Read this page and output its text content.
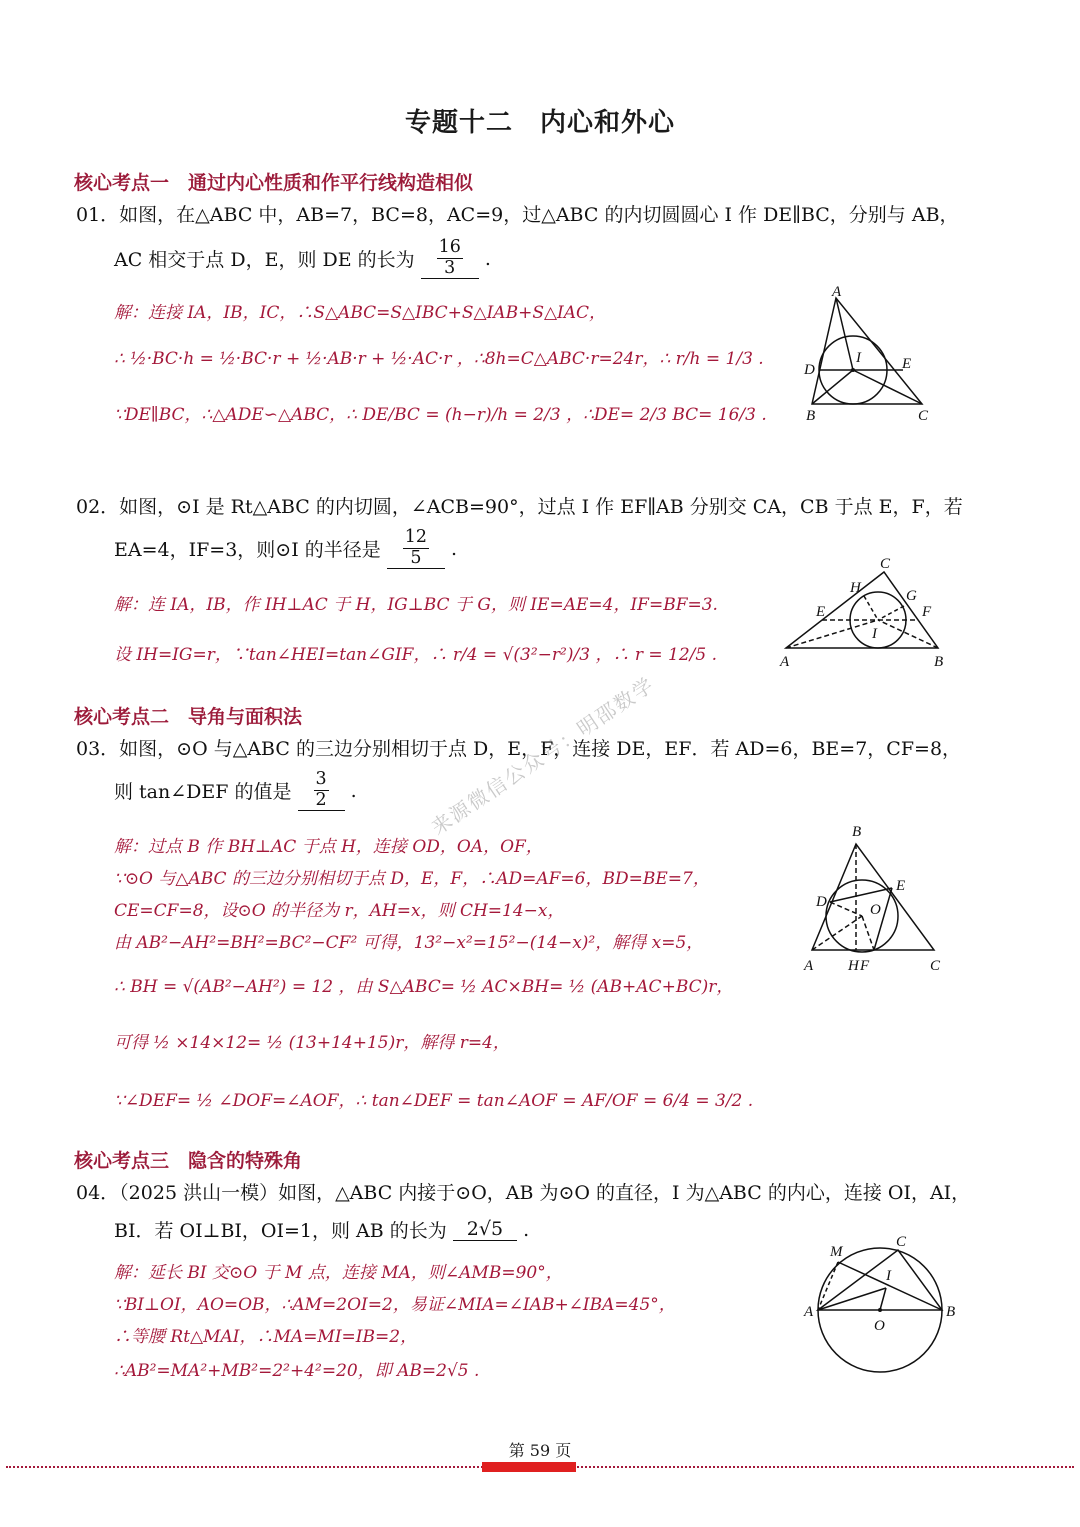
专题十二　内心和外心
来源微信公众号：明邵数学
核心考点一　通过内心性质和作平行线构造相似
01．如图，在△ABC 中，AB=7，BC=8，AC=9，过△ABC 的内切圆圆心 I 作 DE∥BC，分别与 AB，
AC 相交于点 D，E，则 DE 的长为 $\frac{16}{3}$ .
解：连接 IA，IB，IC，∴S△ABC=S△IBC+S△IAB+S△IAC，
∴ ½·BC·h = ½·BC·r + ½·AB·r + ½·AC·r ，∴8h=C△ABC·r=24r，∴ r/h = 1/3 .
∵DE∥BC，∴△ADE∽△ABC，∴ DE/BC = (h−r)/h = 2/3 ，∴DE= 2/3 BC= 16/3 .
A
B	C
D	E
I
02．如图，⊙I 是 Rt△ABC 的内切圆，∠ACB=90°，过点 I 作 EF∥AB 分别交 CA，CB 于点 E，F，若
EA=4，IF=3，则⊙I 的半径是 $\frac{12}{5}$ .
解：连 IA，IB，作 IH⊥AC 于 H，IG⊥BC 于 G，则 IE=AE=4，IF=BF=3.
设 IH=IG=r，∵tan∠HEI=tan∠GIF，∴ r/4 = √(3²−r²)/3 ，∴ r = 12/5 .	A	B
C
E	F
G
H
I
核心考点二　导角与面积法
03．如图，⊙O 与△ABC 的三边分别相切于点 D，E，F，连接 DE，EF．若 AD=6，BE=7，CF=8，
则 tan∠DEF 的值是 $\frac{3}{2}$ .
解：过点 B 作 BH⊥AC 于点 H，连接 OD，OA，OF，
∵⊙O 与△ABC 的三边分别相切于点 D，E，F，∴AD=AF=6，BD=BE=7，
CE=CF=8，设⊙O 的半径为 r，AH=x，则 CH=14−x，
由 AB²−AH²=BH²=BC²−CF² 可得，13²−x²=15²−(14−x)²，解得 x=5，
∴ BH = √(AB²−AH²) = 12 ，由 S△ABC= ½ AC×BH= ½ (AB+AC+BC)r，
可得 ½ ×14×12= ½ (13+14+15)r，解得 r=4，
∵∠DEF= ½ ∠DOF=∠AOF，∴ tan∠DEF = tan∠AOF = AF/OF = 6/4 = 3/2 .
A
B
C
D
E
H F
O
核心考点三　隐含的特殊角
04．（2025 洪山一模）如图，△ABC 内接于⊙O，AB 为⊙O 的直径，I 为△ABC 的内心，连接 OI，AI，
BI．若 OI⊥BI，OI=1，则 AB 的长为	2√5	.
解：延长 BI 交⊙O 于 M 点，连接 MA，则∠AMB=90°，
∵BI⊥OI，AO=OB，∴AM=2OI=2，易证∠MIA=∠IAB+∠IBA=45°，
∴等腰 Rt△MAI，∴MA=MI=IB=2，
∴AB²=MA²+MB²=2²+4²=20，即 AB=2√5 .
A	B
C
M
I
O
第 59 页
